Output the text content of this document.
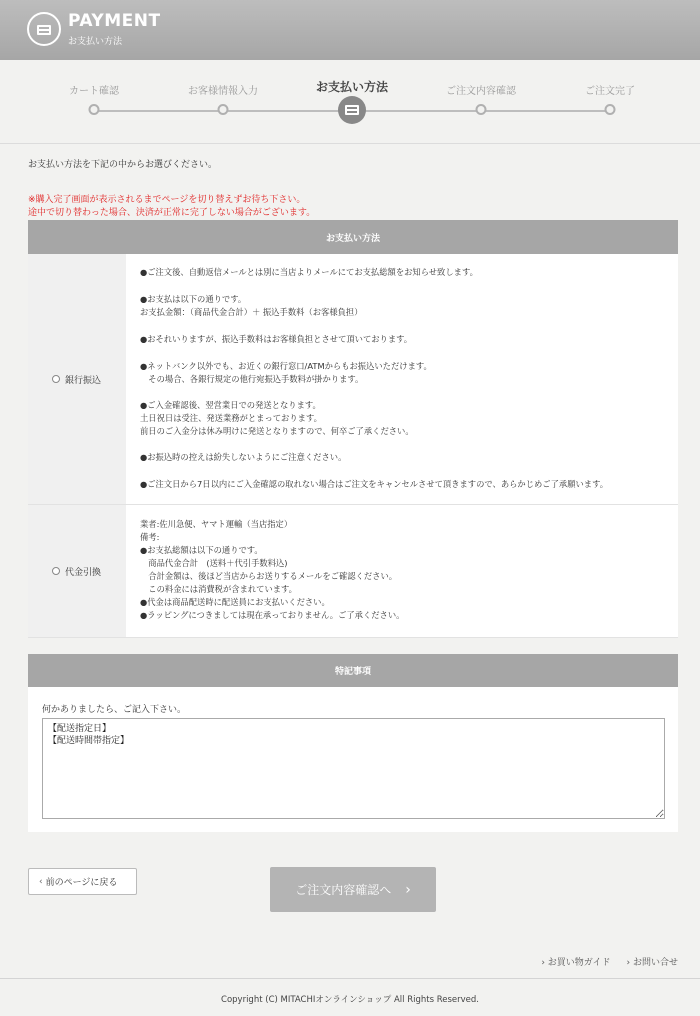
PAYMENT
お支払い方法
カート確認	お客様情報入力	お支払い方法	ご注文内容確認	ご注文完了
お支払い方法を下記の中からお選びください。
※購入完了画面が表示されるまでページを切り替えずお待ち下さい。
途中で切り替わった場合、決済が正常に完了しない場合がございます。
お支払い方法
銀行振込
●ご注文後、自動返信メールとは別に当店よりメールにてお支払総額をお知らせ致します。
●お支払は以下の通りです。
お支払金額：（商品代金合計）＋ 振込手数料（お客様負担）
●おそれいりますが、振込手数料はお客様負担とさせて頂いております。
●ネットバンク以外でも、お近くの銀行窓口/ATMからもお振込いただけます。
　その場合、各銀行規定の他行宛振込手数料が掛かります。
●ご入金確認後、翌営業日での発送となります。
土日祝日は受注、発送業務がとまっております。
前日のご入金分は休み明けに発送となりますので、何卒ご了承ください。
●お振込時の控えは紛失しないようにご注意ください。
●ご注文日から7日以内にご入金確認の取れない場合はご注文をキャンセルさせて頂きますので、あらかじめご了承願います。
代金引換
業者:佐川急便、ヤマト運輸（当店指定）
備考:
●お支払総額は以下の通りです。
　商品代金合計　(送料＋代引手数料込)
　合計金額は、後ほど当店からお送りするメールをご確認ください。
　この料金には消費税が含まれています。
●代金は商品配送時に配送員にお支払いください。
●ラッピングにつきましては現在承っておりません。ご了承ください。
特記事項
何かありましたら、ご記入下さい。
【配送指定日】 【配送時間帯指定】
‹ 前のページに戻る	ご注文内容確認へ ›
› お買い物ガイド › お問い合せ
Copyright (C) MITACHIオンラインショップ All Rights Reserved.
